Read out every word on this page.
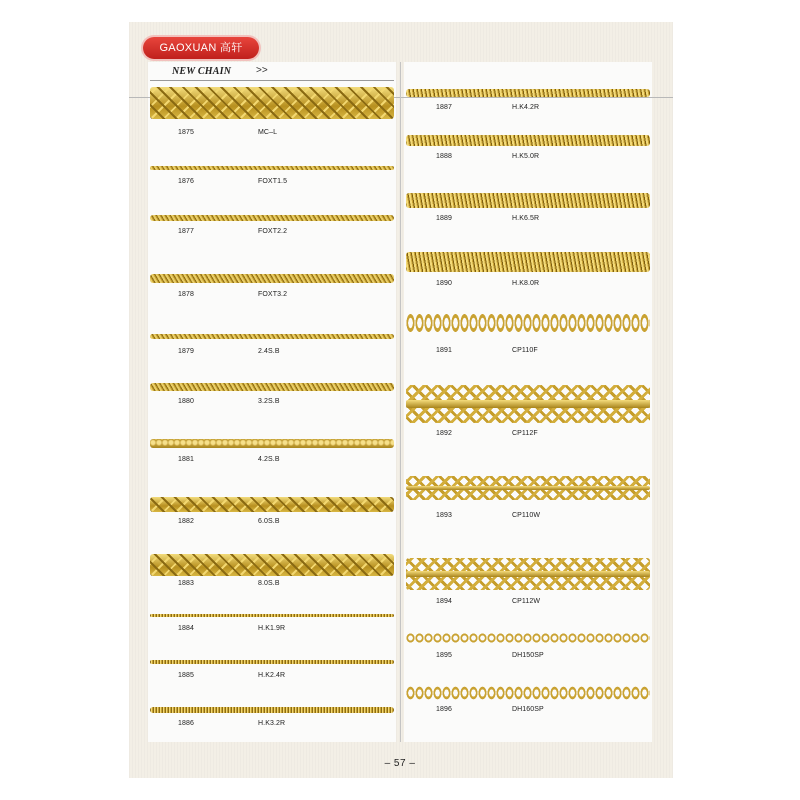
GAOXUAN 高轩
NEW CHAIN >>
1875	MC–L
1876	FOXT1.5
1877	FOXT2.2
1878	FOXT3.2
1879	2.4S.B
1880	3.2S.B
1881	4.2S.B
1882	6.0S.B
1883	8.0S.B
1884	H.K1.9R
1885	H.K2.4R
1886	H.K3.2R
1887	H.K4.2R
1888	H.K5.0R
1889	H.K6.5R
1890	H.K8.0R
1891	CP110F
1892	CP112F
1893	CP110W
1894	CP112W
1895	DH150SP
1896	DH160SP
– 57 –
